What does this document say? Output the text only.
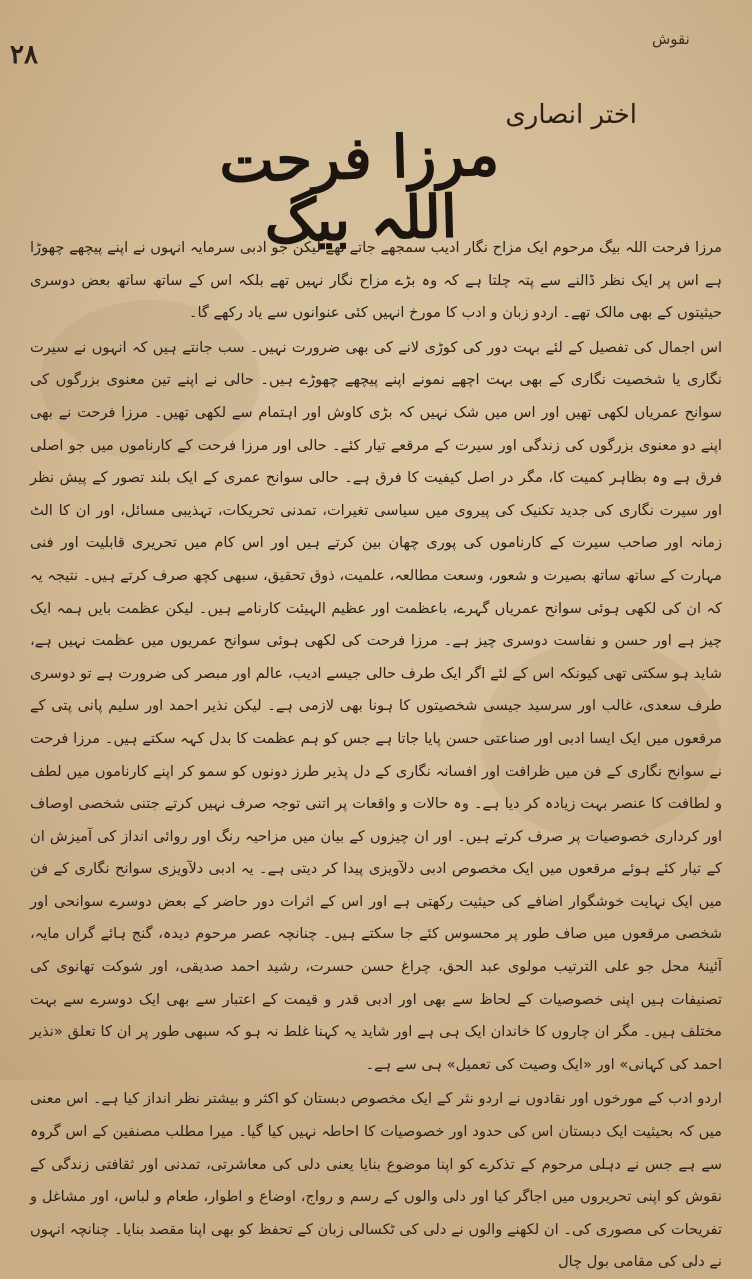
۲۸
نقوش
اختر انصاری
مرزا فرحت اللہ بیگ

مرزا فرحت اللہ بیگ مرحوم ایک مزاح نگار ادیب سمجھے جاتے تھے لیکن جو ادبی سرمایہ انہوں نے اپنے پیچھے چھوڑا ہے اس پر ایک نظر ڈالنے سے پتہ چلتا ہے کہ وہ بڑے مزاح نگار نہیں تھے بلکہ اس کے ساتھ ساتھ بعض دوسری حیثیتوں کے بھی مالک تھے۔ اردو زبان و ادب کا مورخ انہیں کئی عنوانوں سے یاد رکھے گا۔

اس اجمال کی تفصیل کے لئے بہت دور کی کوڑی لانے کی بھی ضرورت نہیں۔ سب جانتے ہیں کہ انہوں نے سیرت نگاری یا شخصیت نگاری کے بھی بہت اچھے نمونے اپنے پیچھے چھوڑے ہیں۔ حالی نے اپنے تین معنوی بزرگوں کی سوانح عمریاں لکھی تھیں اور اس میں شک نہیں کہ بڑی کاوش اور اہتمام سے لکھی تھیں۔ مرزا فرحت نے بھی اپنے دو معنوی بزرگوں کی زندگی اور سیرت کے مرقعے تیار کئے۔ حالی اور مرزا فرحت کے کارناموں میں جو اصلی فرق ہے وہ بظاہر کمیت کا، مگر در اصل کیفیت کا فرق ہے۔ حالی سوانح عمری کے ایک بلند تصور کے پیش نظر اور سیرت نگاری کی جدید تکنیک کی پیروی میں سیاسی تغیرات، تمدنی تحریکات، تہذیبی مسائل، اور ان کا الٹ زمانہ اور صاحب سیرت کے کارناموں کی پوری چھان بین کرتے ہیں اور اس کام میں تحریری قابلیت اور فنی مہارت کے ساتھ ساتھ بصیرت و شعور، وسعت مطالعہ، علمیت، ذوق تحقیق، سبھی کچھ صرف کرتے ہیں۔ نتیجہ یہ کہ ان کی لکھی ہوئی سوانح عمریاں گہرے، باعظمت اور عظیم الہیئت کارنامے ہیں۔ لیکن عظمت بایں ہمہ ایک چیز ہے اور حسن و نفاست دوسری چیز ہے۔ مرزا فرحت کی لکھی ہوئی سوانح عمریوں میں عظمت نہیں ہے، شاید ہو سکتی تھی کیونکہ اس کے لئے اگر ایک طرف حالی جیسے ادیب، عالم اور مبصر کی ضرورت ہے تو دوسری طرف سعدی، غالب اور سرسید جیسی شخصیتوں کا ہونا بھی لازمی ہے۔ لیکن نذیر احمد اور سلیم پانی پتی کے مرقعوں میں ایک ایسا ادبی اور صناعتی حسن پایا جاتا ہے جس کو ہم عظمت کا بدل کہہ سکتے ہیں۔ مرزا فرحت نے سوانح نگاری کے فن میں ظرافت اور افسانہ نگاری کے دل پذیر طرز دونوں کو سمو کر اپنے کارناموں میں لطف و لطافت کا عنصر بہت زیادہ کر دیا ہے۔ وہ حالات و واقعات پر اتنی توجہ صرف نہیں کرتے جتنی شخصی اوصاف اور کرداری خصوصیات پر صرف کرتے ہیں۔ اور ان چیزوں کے بیان میں مزاحیہ رنگ اور روائی انداز کی آمیزش ان کے تیار کئے ہوئے مرقعوں میں ایک مخصوص ادبی دلآویزی پیدا کر دیتی ہے۔ یہ ادبی دلآویزی سوانح نگاری کے فن میں ایک نہایت خوشگوار اضافے کی حیثیت رکھتی ہے اور اس کے اثرات دور حاضر کے بعض دوسرے سوانحی اور شخصی مرقعوں میں صاف طور پر محسوس کئے جا سکتے ہیں۔ چنانچہ عصر مرحوم دیدہ، گنج ہائے گراں مایہ، آئینۂ محل جو علی الترتیب مولوی عبد الحق، چراغ حسن حسرت، رشید احمد صدیقی، اور شوکت تھانوی کی تصنیفات ہیں اپنی خصوصیات کے لحاظ سے بھی اور ادبی قدر و قیمت کے اعتبار سے بھی ایک دوسرے سے بہت مختلف ہیں۔ مگر ان چاروں کا خاندان ایک ہی ہے اور شاید یہ کہنا غلط نہ ہو کہ سبھی طور پر ان کا تعلق «نذیر احمد کی کہانی» اور «ایک وصیت کی تعمیل» ہی سے ہے۔

اردو ادب کے مورخوں اور نقادوں نے اردو نثر کے ایک مخصوص دبستان کو اکثر و بیشتر نظر انداز کیا ہے۔ اس معنی میں کہ بحیثیت ایک دبستان اس کی حدود اور خصوصیات کا احاطہ نہیں کیا گیا۔ میرا مطلب مصنفین کے اس گروہ سے ہے جس نے دہلی مرحوم کے تذکرے کو اپنا موضوع بنایا یعنی دلی کی معاشرتی، تمدنی اور ثقافتی زندگی کے نقوش کو اپنی تحریروں میں اجاگر کیا اور دلی والوں کے رسم و رواج، اوضاع و اطوار، طعام و لباس، اور مشاغل و تفریحات کی مصوری کی۔ ان لکھنے والوں نے دلی کی ٹکسالی زبان کے تحفظ کو بھی اپنا مقصد بنایا۔ چنانچہ انہوں نے دلی کی مقامی بول چال
